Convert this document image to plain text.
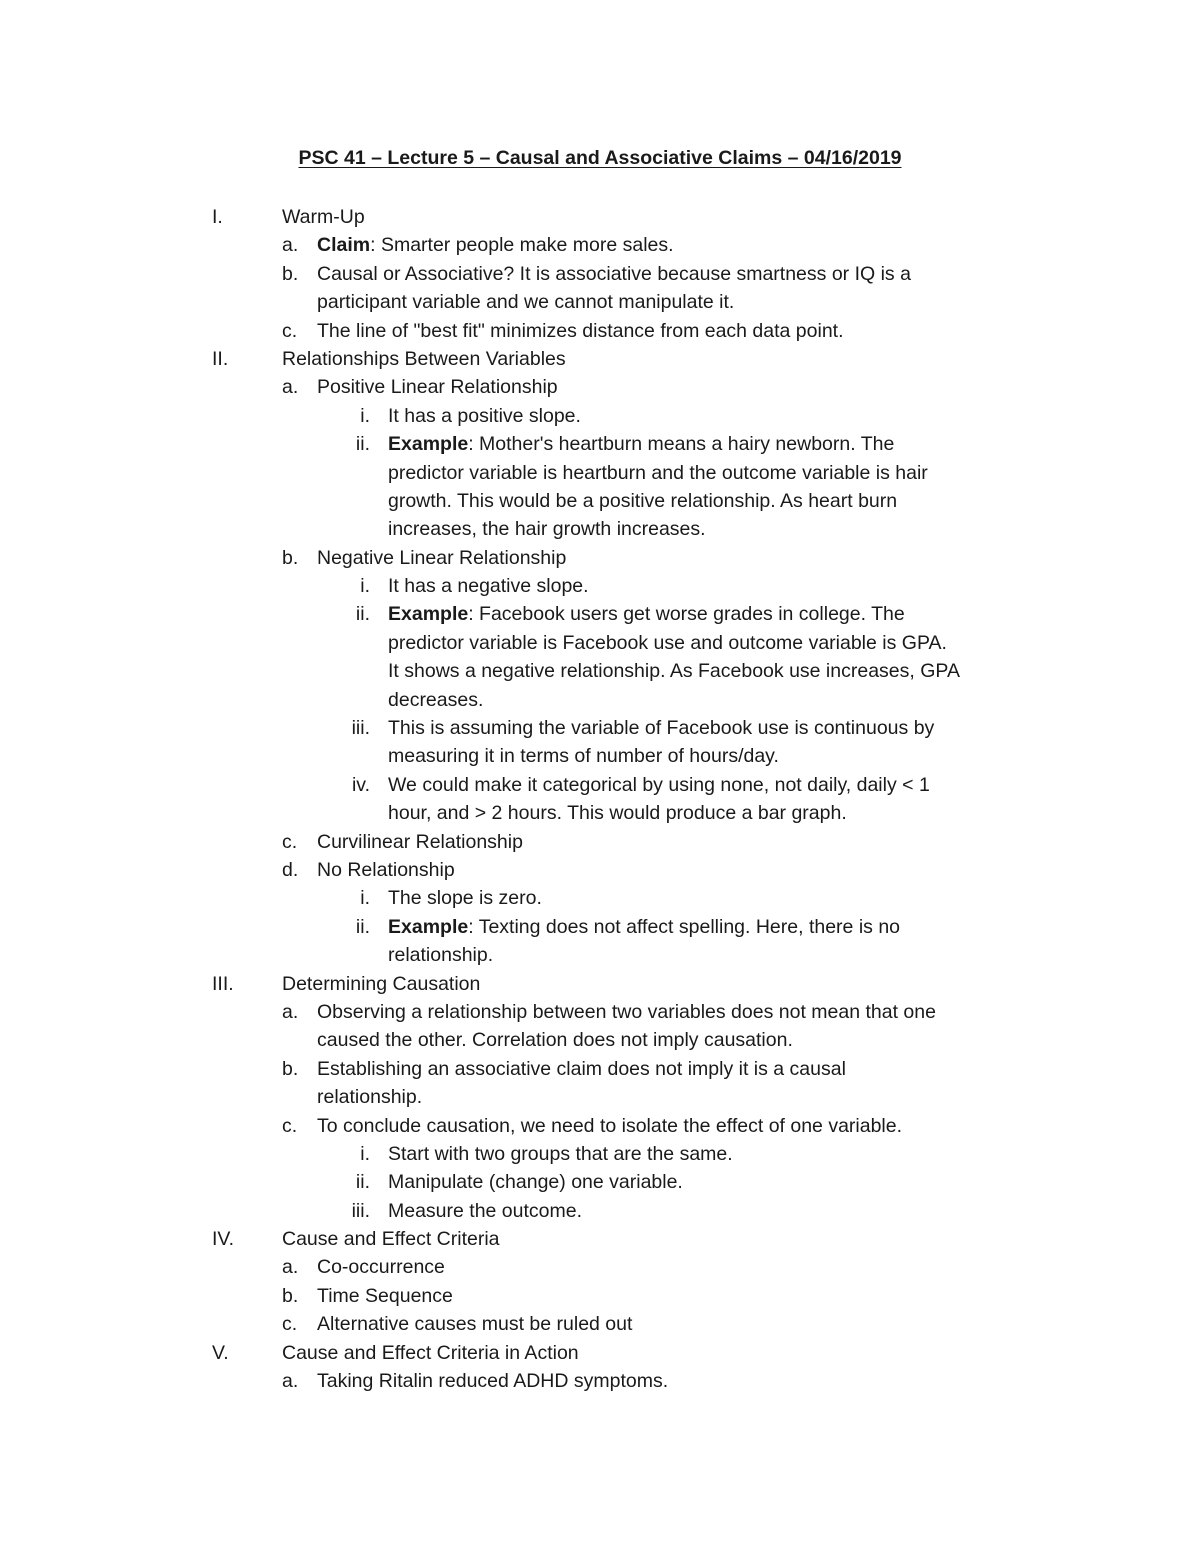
PSC 41 – Lecture 5 – Causal and Associative Claims – 04/16/2019
I.	Warm-Up
a. Claim: Smarter people make more sales.
b. Causal or Associative? It is associative because smartness or IQ is a
participant variable and we cannot manipulate it.
c.	The line of "best fit" minimizes distance from each data point.
II.	Relationships Between Variables
a. Positive Linear Relationship
i. It has a positive slope.
ii. Example: Mother's heartburn means a hairy newborn. The
predictor variable is heartburn and the outcome variable is hair
growth. This would be a positive relationship. As heart burn
increases, the hair growth increases.
b. Negative Linear Relationship
i. It has a negative slope.
ii. Example: Facebook users get worse grades in college. The
predictor variable is Facebook use and outcome variable is GPA.
It shows a negative relationship. As Facebook use increases, GPA
decreases.
iii. This is assuming the variable of Facebook use is continuous by
measuring it in terms of number of hours/day.
iv. We could make it categorical by using none, not daily, daily < 1
hour, and > 2 hours. This would produce a bar graph.
c.	Curvilinear Relationship
d. No Relationship
i. The slope is zero.
ii. Example: Texting does not affect spelling. Here, there is no
relationship.
III. Determining Causation
a. Observing a relationship between two variables does not mean that one
caused the other. Correlation does not imply causation.
b. Establishing an associative claim does not imply it is a causal
relationship.
c.	To conclude causation, we need to isolate the effect of one variable.
i. Start with two groups that are the same.
ii. Manipulate (change) one variable.
iii. Measure the outcome.
IV. Cause and Effect Criteria
a. Co-occurrence
b. Time Sequence
c.	Alternative causes must be ruled out
V.	Cause and Effect Criteria in Action
a. Taking Ritalin reduced ADHD symptoms.
